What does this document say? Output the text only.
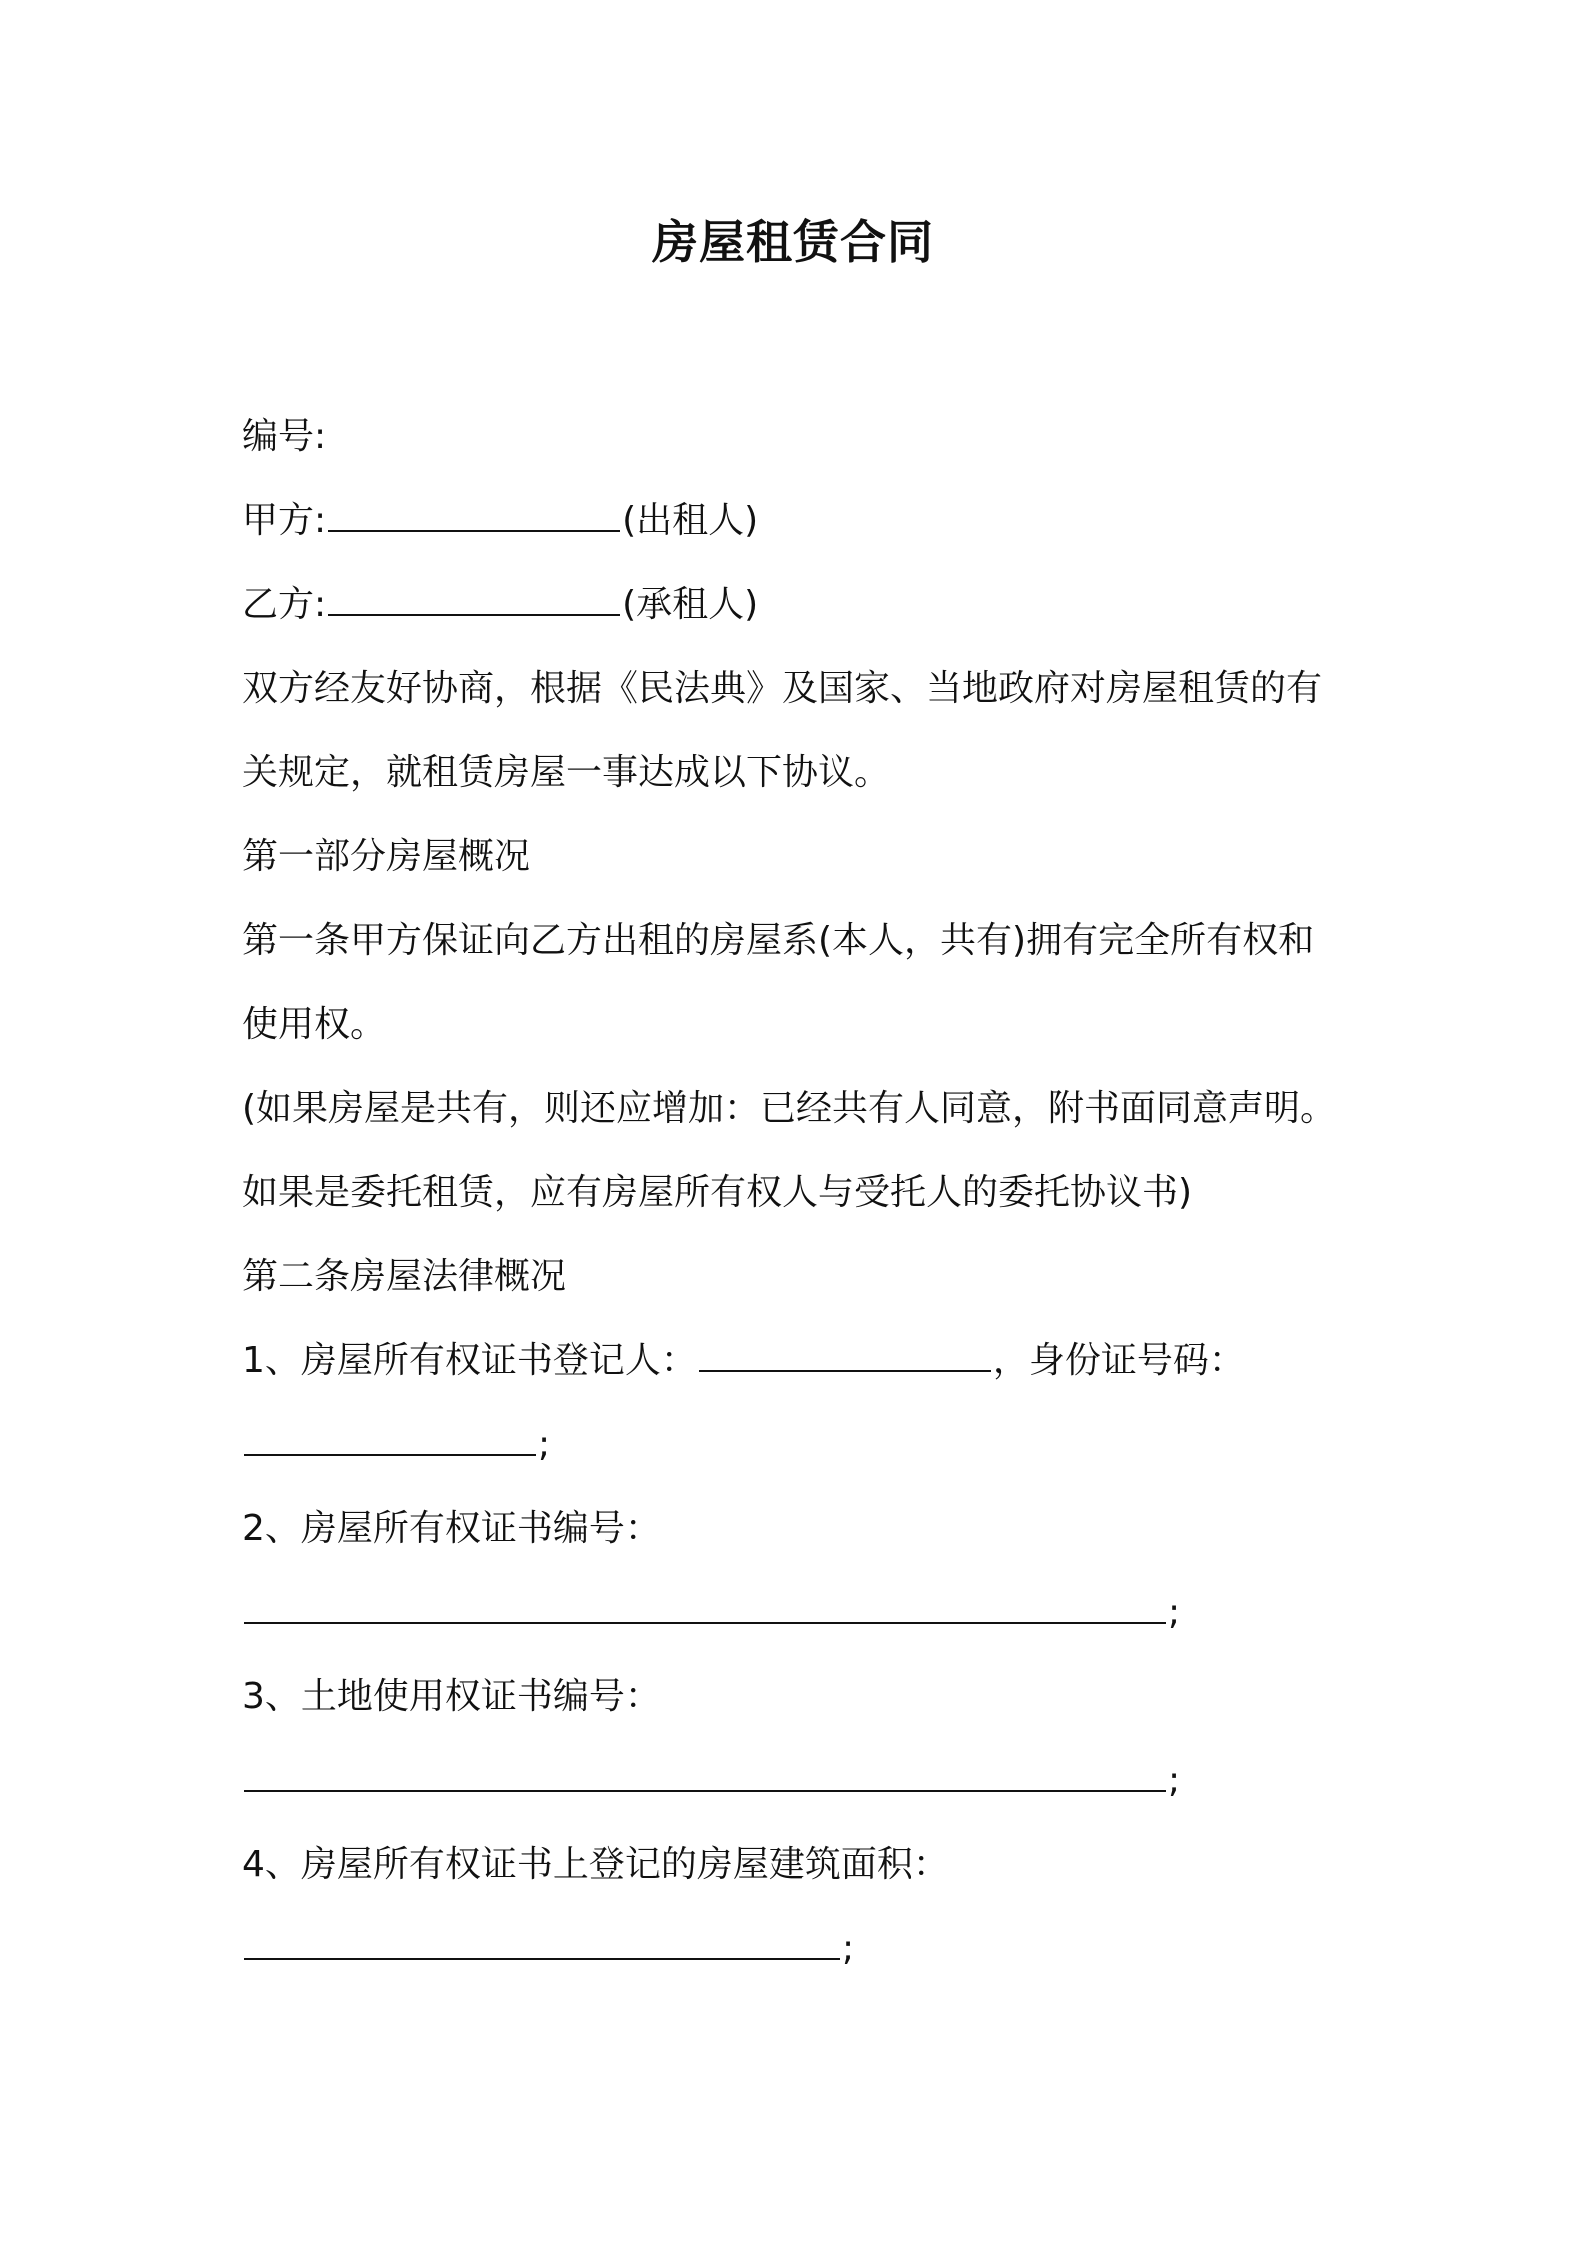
房屋租赁合同
编号:
甲方:	(出租人)
乙方:	(承租人)
双方经友好协商，根据《民法典》及国家、当地政府对房屋租赁的有
关规定，就租赁房屋一事达成以下协议。
第一部分房屋概况
第一条甲方保证向乙方出租的房屋系(本人，共有)拥有完全所有权和
使用权。
(如果房屋是共有，则还应增加：已经共有人同意，附书面同意声明。
如果是委托租赁，应有房屋所有权人与受托人的委托协议书)
第二条房屋法律概况
1、房屋所有权证书登记人：	，身份证号码：
;
2、房屋所有权证书编号：
;
3、土地使用权证书编号：
;
4、房屋所有权证书上登记的房屋建筑面积：
;
